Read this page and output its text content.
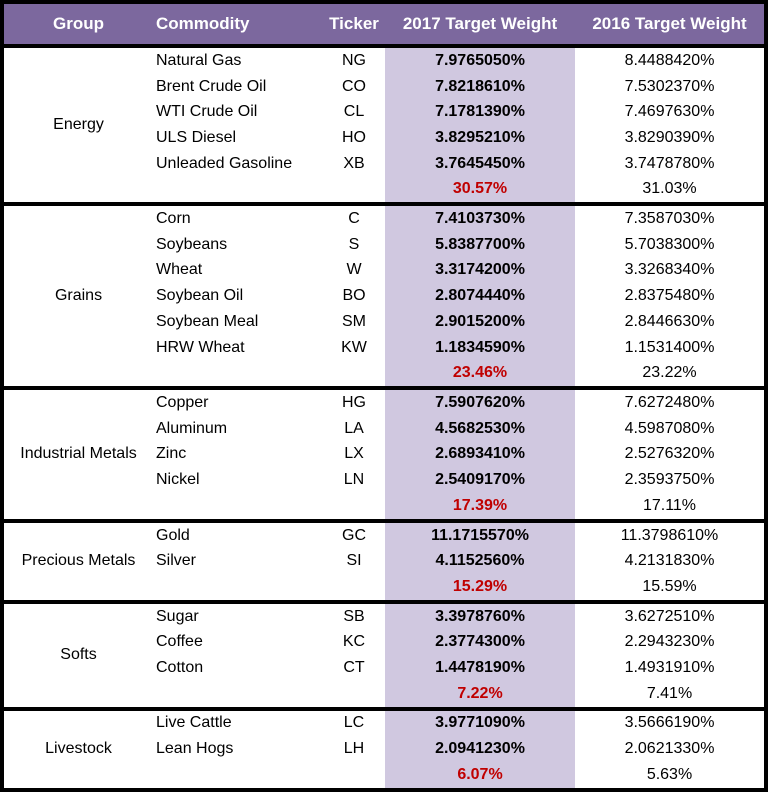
Group	Commodity	Ticker	2017 Target Weight	2016 Target Weight
Energy
Natural Gas	NG	7.9765050%	8.4488420%
Brent Crude Oil	CO	7.8218610%	7.5302370%
WTI Crude Oil	CL	7.1781390%	7.4697630%
ULS Diesel	HO	3.8295210%	3.8290390%
Unleaded Gasoline	XB	3.7645450%	3.7478780%
30.57%	31.03%
Grains
Corn	C	7.4103730%	7.3587030%
Soybeans	S	5.8387700%	5.7038300%
Wheat	W	3.3174200%	3.3268340%
Soybean Oil	BO	2.8074440%	2.8375480%
Soybean Meal	SM	2.9015200%	2.8446630%
HRW Wheat	KW	1.1834590%	1.1531400%
23.46%	23.22%
Industrial Metals
Copper	HG	7.5907620%	7.6272480%
Aluminum	LA	4.5682530%	4.5987080%
Zinc	LX	2.6893410%	2.5276320%
Nickel	LN	2.5409170%	2.3593750%
17.39%	17.11%
Precious Metals
Gold	GC	11.1715570%	11.3798610%
Silver	SI	4.1152560%	4.2131830%
15.29%	15.59%
Softs
Sugar	SB	3.3978760%	3.6272510%
Coffee	KC	2.3774300%	2.2943230%
Cotton	CT	1.4478190%	1.4931910%
7.22%	7.41%
Livestock
Live Cattle	LC	3.9771090%	3.5666190%
Lean Hogs	LH	2.0941230%	2.0621330%
6.07%	5.63%
